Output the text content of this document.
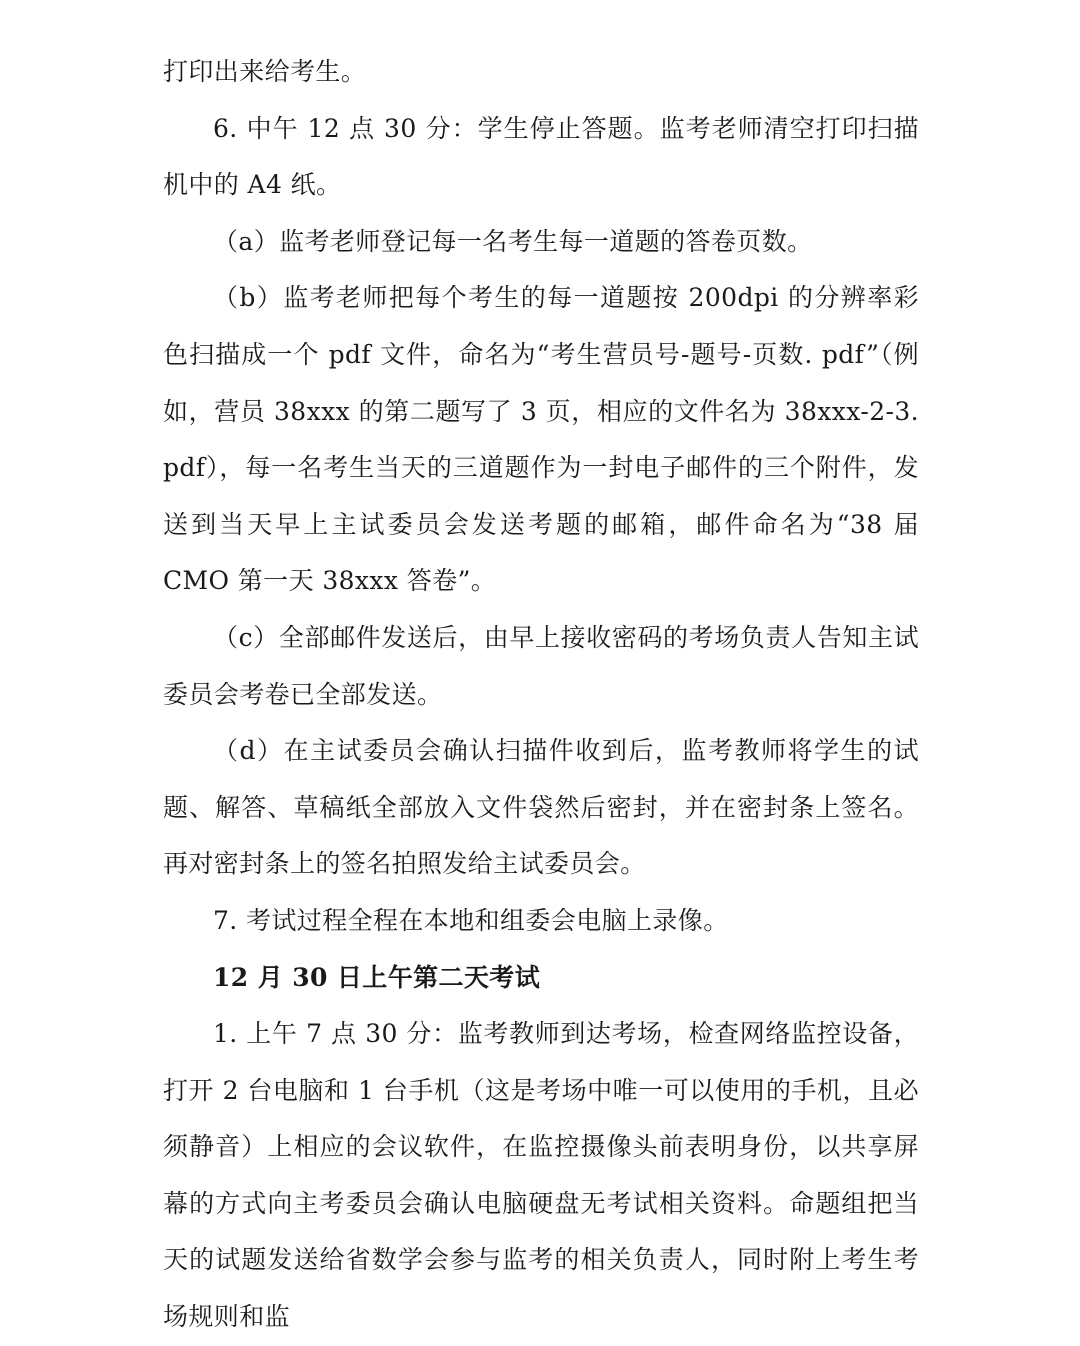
打印出来给考生。

6. 中午 12 点 30 分：学生停止答题。监考老师清空打印扫描机中的 A4 纸。

（a）监考老师登记每一名考生每一道题的答卷页数。

（b）监考老师把每个考生的每一道题按 200dpi 的分辨率彩色扫描成一个 pdf 文件，命名为“考生营员号-题号-页数. pdf”（例如，营员 38xxx 的第二题写了 3 页，相应的文件名为 38xxx-2-3. pdf），每一名考生当天的三道题作为一封电子邮件的三个附件，发送到当天早上主试委员会发送考题的邮箱，邮件命名为“38 届 CMO 第一天 38xxx 答卷”。

（c）全部邮件发送后，由早上接收密码的考场负责人告知主试委员会考卷已全部发送。

（d）在主试委员会确认扫描件收到后，监考教师将学生的试题、解答、草稿纸全部放入文件袋然后密封，并在密封条上签名。再对密封条上的签名拍照发给主试委员会。

7. 考试过程全程在本地和组委会电脑上录像。

12 月 30 日上午第二天考试

1. 上午 7 点 30 分：监考教师到达考场，检查网络监控设备，打开 2 台电脑和 1 台手机（这是考场中唯一可以使用的手机，且必须静音）上相应的会议软件，在监控摄像头前表明身份，以共享屏幕的方式向主考委员会确认电脑硬盘无考试相关资料。命题组把当天的试题发送给省数学会参与监考的相关负责人，同时附上考生考场规则和监
